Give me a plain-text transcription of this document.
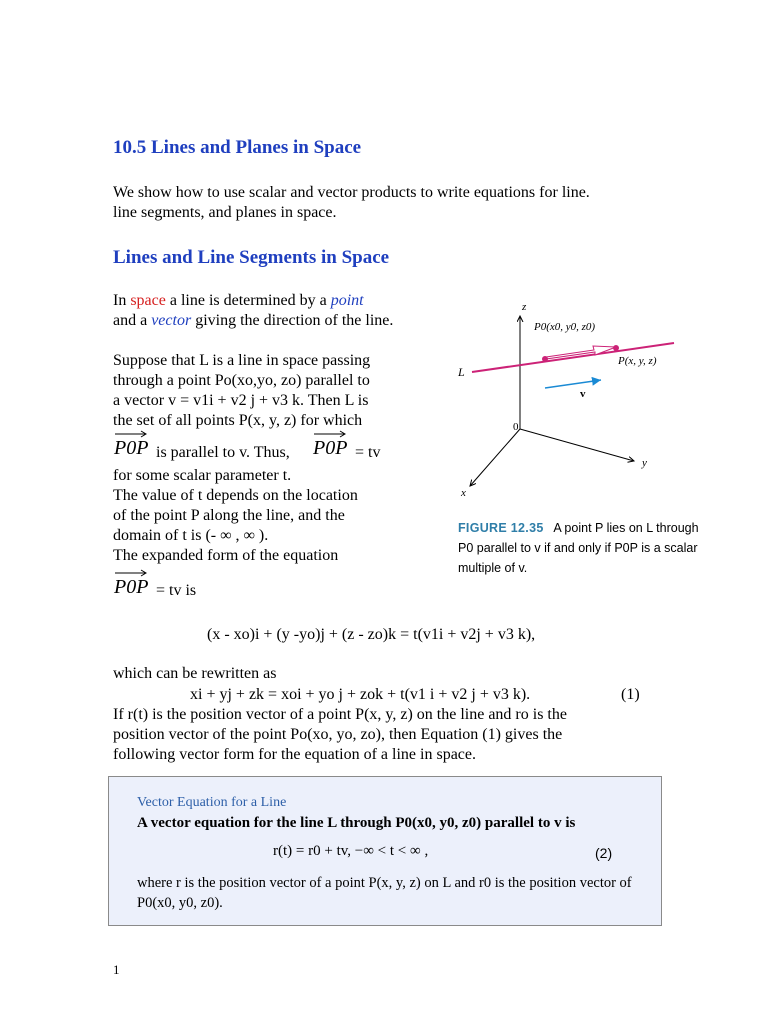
10.5 Lines and Planes in Space
We show how to use scalar and vector products to write equations for line.
line segments, and planes in space.
Lines and Line Segments in Space
In space a line is determined by a point
and a vector giving the direction of the line.
Suppose that L is a line in space passing
through a point Po(xo,yo, zo) parallel to
a vector v = v1i + v2 j + v3 k. Then L is
the set of all points P(x, y, z) for which
P0P is parallel to v. Thus, P0P = tv
for some scalar parameter t.
The value of t depends on the location
of the point P along the line, and the
domain of t is (- ∞ , ∞ ).
The expanded form of the equation
P0P = tv is
z
y
x
0
L
v
P0(x0, y0, z0)
P(x, y, z)
FIGURE 12.35 A point P lies on L through P0 parallel to v if and only if P0P is a scalar multiple of v.
(x - xo)i + (y -yo)j + (z - zo)k = t(v1i + v2j + v3 k),
which can be rewritten as
xi + yj + zk = xoi + yo j + zok + t(v1 i + v2 j + v3 k).	(1)
If r(t) is the position vector of a point P(x, y, z) on the line and ro is the
position vector of the point Po(xo, yo, zo), then Equation (1) gives the
following vector form for the equation of a line in space.
Vector Equation for a Line
A vector equation for the line L through P0(x0, y0, z0) parallel to v is
r(t) = r0 + tv, −∞ < t < ∞ ,	(2)
where r is the position vector of a point P(x, y, z) on L and r0 is the position vector of P0(x0, y0, z0).
1
